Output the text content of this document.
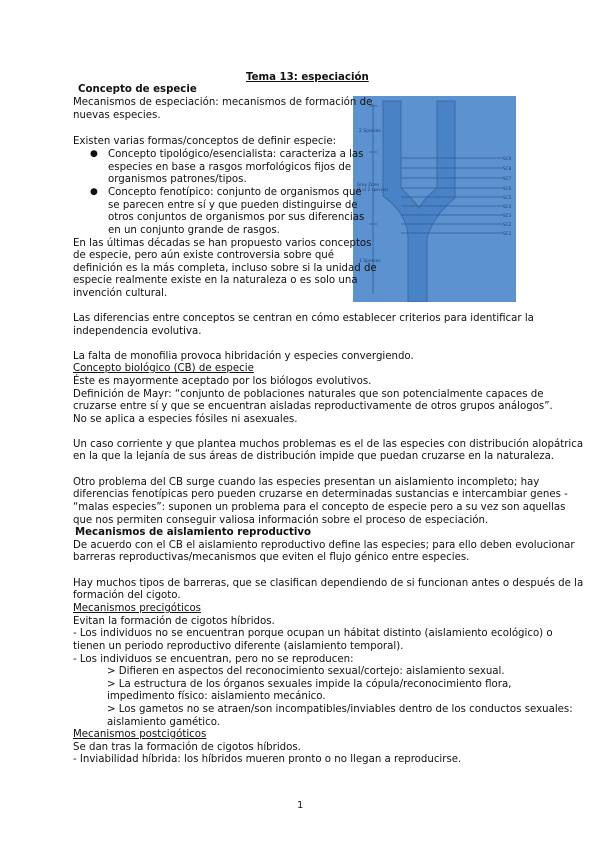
Tema 13: especiación
2 Species
Grey Zone
(1 or 2 species)
1 Species
SC9
SC8
SC7
SC6
SC5
SC4
SC3
SC2
SC1
Concepto de especie
Mecanismos de especiación: mecanismos de formación de
nuevas especies.
Existen varias formas/conceptos de definir especie:
● Concepto tipológico/esencialista: caracteriza a las
especies en base a rasgos morfológicos fijos de
organismos patrones/tipos.
● Concepto fenotípico: conjunto de organismos que
se parecen entre sí y que pueden distinguirse de
otros conjuntos de organismos por sus diferencias
en un conjunto grande de rasgos.
En las últimas décadas se han propuesto varios conceptos
de especie, pero aún existe controversia sobre qué
definición es la más completa, incluso sobre si la unidad de
especie realmente existe en la naturaleza o es solo una
invención cultural.
Las diferencias entre conceptos se centran en cómo establecer criterios para identificar la
independencia evolutiva.
La falta de monofilia provoca hibridación y especies convergiendo.
Concepto biológico (CB) de especie
Éste es mayormente aceptado por los biólogos evolutivos.
Definición de Mayr: “conjunto de poblaciones naturales que son potencialmente capaces de
cruzarse entre sí y que se encuentran aisladas reproductivamente de otros grupos análogos”.
No se aplica a especies fósiles ni asexuales.
Un caso corriente y que plantea muchos problemas es el de las especies con distribución alopátrica
en la que la lejanía de sus áreas de distribución impide que puedan cruzarse en la naturaleza.
Otro problema del CB surge cuando las especies presentan un aislamiento incompleto; hay
diferencias fenotípicas pero pueden cruzarse en determinadas sustancias e intercambiar genes -
“malas especies”: suponen un problema para el concepto de especie pero a su vez son aquellas
que nos permiten conseguir valiosa información sobre el proceso de especiación.
Mecanismos de aislamiento reproductivo
De acuerdo con el CB el aislamiento reproductivo define las especies; para ello deben evolucionar
barreras reproductivas/mecanismos que eviten el flujo génico entre especies.
Hay muchos tipos de barreras, que se clasifican dependiendo de si funcionan antes o después de la
formación del cigoto.
Mecanismos precigóticos
Evitan la formación de cigotos híbridos.
- Los individuos no se encuentran porque ocupan un hábitat distinto (aislamiento ecológico) o
tienen un periodo reproductivo diferente (aislamiento temporal).
- Los individuos se encuentran, pero no se reproducen:
> Difieren en aspectos del reconocimiento sexual/cortejo: aislamiento sexual.
> La estructura de los órganos sexuales impide la cópula/reconocimiento flora,
impedimento físico: aislamiento mecánico.
> Los gametos no se atraen/son incompatibles/inviables dentro de los conductos sexuales:
aislamiento gamético.
Mecanismos postcigóticos
Se dan tras la formación de cigotos híbridos.
- Inviabilidad híbrida: los híbridos mueren pronto o no llegan a reproducirse.
1
